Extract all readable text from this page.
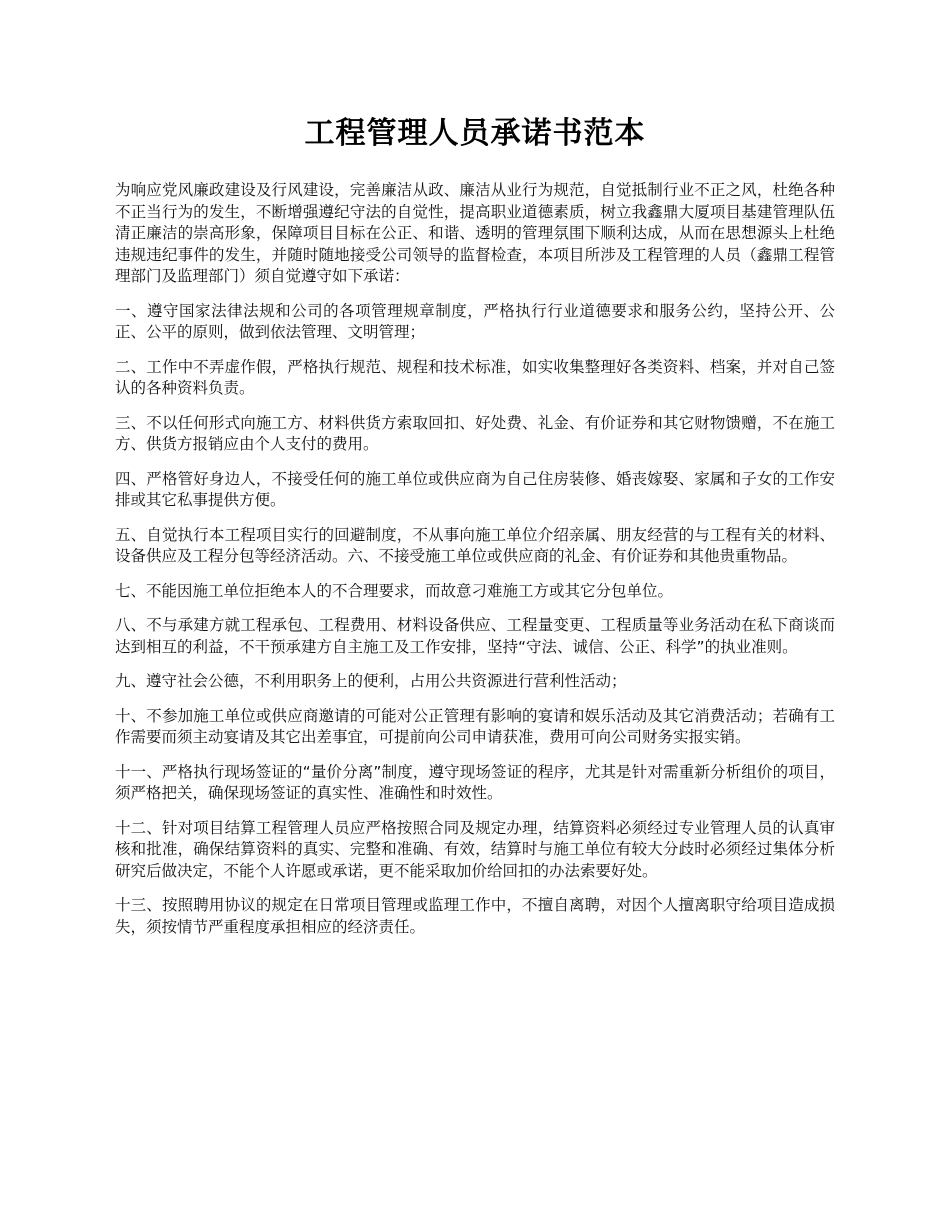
工程管理人员承诺书范本

为响应党风廉政建设及行风建设，完善廉洁从政、廉洁从业行为规范，自觉抵制行业不正之风，杜绝各种不正当行为的发生，不断增强遵纪守法的自觉性，提高职业道德素质，树立我鑫鼎大厦项目基建管理队伍清正廉洁的崇高形象，保障项目目标在公正、和谐、透明的管理氛围下顺利达成，从而在思想源头上杜绝违规违纪事件的发生，并随时随地接受公司领导的监督检查，本项目所涉及工程管理的人员（鑫鼎工程管理部门及监理部门）须自觉遵守如下承诺：

一、遵守国家法律法规和公司的各项管理规章制度，严格执行行业道德要求和服务公约，坚持公开、公正、公平的原则，做到依法管理、文明管理；

二、工作中不弄虚作假，严格执行规范、规程和技术标准，如实收集整理好各类资料、档案，并对自己签认的各种资料负责。

三、不以任何形式向施工方、材料供货方索取回扣、好处费、礼金、有价证券和其它财物馈赠，不在施工方、供货方报销应由个人支付的费用。

四、严格管好身边人，不接受任何的施工单位或供应商为自己住房装修、婚丧嫁娶、家属和子女的工作安排或其它私事提供方便。

五、自觉执行本工程项目实行的回避制度，不从事向施工单位介绍亲属、朋友经营的与工程有关的材料、设备供应及工程分包等经济活动。六、不接受施工单位或供应商的礼金、有价证券和其他贵重物品。

七、不能因施工单位拒绝本人的不合理要求，而故意刁难施工方或其它分包单位。

八、不与承建方就工程承包、工程费用、材料设备供应、工程量变更、工程质量等业务活动在私下商谈而达到相互的利益，不干预承建方自主施工及工作安排，坚持“守法、诚信、公正、科学”的执业准则。

九、遵守社会公德，不利用职务上的便利，占用公共资源进行营利性活动；

十、不参加施工单位或供应商邀请的可能对公正管理有影响的宴请和娱乐活动及其它消费活动；若确有工作需要而须主动宴请及其它出差事宜，可提前向公司申请获准，费用可向公司财务实报实销。

十一、严格执行现场签证的“量价分离”制度，遵守现场签证的程序，尤其是针对需重新分析组价的项目，须严格把关，确保现场签证的真实性、准确性和时效性。

十二、针对项目结算工程管理人员应严格按照合同及规定办理，结算资料必须经过专业管理人员的认真审核和批准，确保结算资料的真实、完整和准确、有效，结算时与施工单位有较大分歧时必须经过集体分析研究后做决定，不能个人许愿或承诺，更不能采取加价给回扣的办法索要好处。

十三、按照聘用协议的规定在日常项目管理或监理工作中，不擅自离聘，对因个人擅离职守给项目造成损失，须按情节严重程度承担相应的经济责任。
